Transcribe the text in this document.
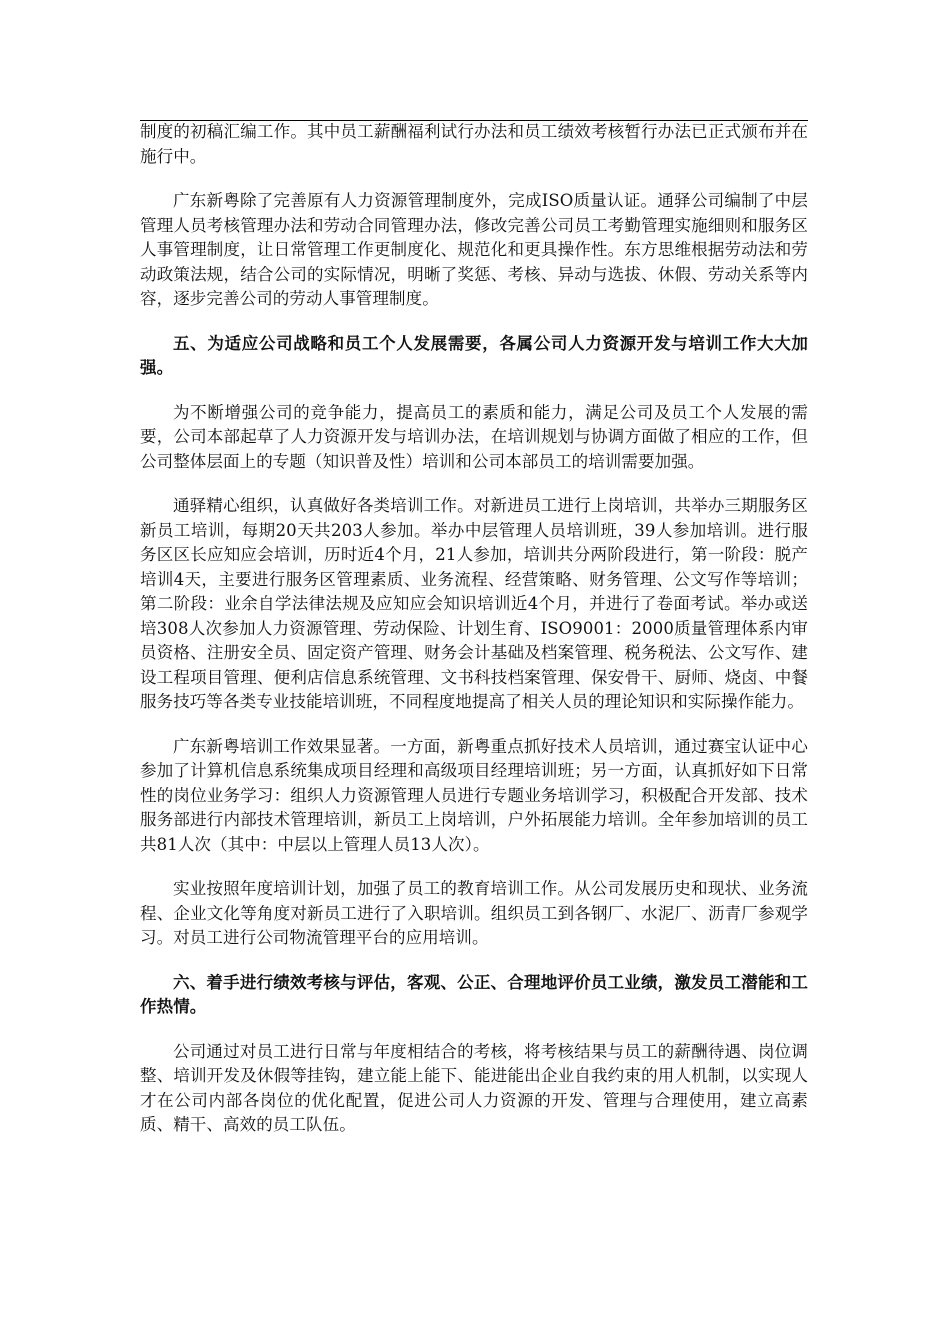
制度的初稿汇编工作。其中员工薪酬福利试行办法和员工绩效考核暂行办法已正式颁布并在施行中。

广东新粤除了完善原有人力资源管理制度外，完成ISO质量认证。通驿公司编制了中层管理人员考核管理办法和劳动合同管理办法，修改完善公司员工考勤管理实施细则和服务区人事管理制度，让日常管理工作更制度化、规范化和更具操作性。东方思维根据劳动法和劳动政策法规，结合公司的实际情况，明晰了奖惩、考核、异动与选拔、休假、劳动关系等内容，逐步完善公司的劳动人事管理制度。

五、为适应公司战略和员工个人发展需要，各属公司人力资源开发与培训工作大大加强。

为不断增强公司的竞争能力，提高员工的素质和能力，满足公司及员工个人发展的需要，公司本部起草了人力资源开发与培训办法，在培训规划与协调方面做了相应的工作，但公司整体层面上的专题（知识普及性）培训和公司本部员工的培训需要加强。

通驿精心组织，认真做好各类培训工作。对新进员工进行上岗培训，共举办三期服务区新员工培训，每期20天共203人参加。举办中层管理人员培训班，39人参加培训。进行服务区区长应知应会培训，历时近4个月，21人参加，培训共分两阶段进行，第一阶段：脱产培训4天，主要进行服务区管理素质、业务流程、经营策略、财务管理、公文写作等培训；第二阶段：业余自学法律法规及应知应会知识培训近4个月，并进行了卷面考试。举办或送培308人次参加人力资源管理、劳动保险、计划生育、ISO9001：2000质量管理体系内审员资格、注册安全员、固定资产管理、财务会计基础及档案管理、税务税法、公文写作、建设工程项目管理、便利店信息系统管理、文书科技档案管理、保安骨干、厨师、烧卤、中餐服务技巧等各类专业技能培训班，不同程度地提高了相关人员的理论知识和实际操作能力。

广东新粤培训工作效果显著。一方面，新粤重点抓好技术人员培训，通过赛宝认证中心参加了计算机信息系统集成项目经理和高级项目经理培训班；另一方面，认真抓好如下日常性的岗位业务学习：组织人力资源管理人员进行专题业务培训学习，积极配合开发部、技术服务部进行内部技术管理培训，新员工上岗培训，户外拓展能力培训。全年参加培训的员工共81人次（其中：中层以上管理人员13人次）。

实业按照年度培训计划，加强了员工的教育培训工作。从公司发展历史和现状、业务流程、企业文化等角度对新员工进行了入职培训。组织员工到各钢厂、水泥厂、沥青厂参观学习。对员工进行公司物流管理平台的应用培训。

六、着手进行绩效考核与评估，客观、公正、合理地评价员工业绩，激发员工潜能和工作热情。

公司通过对员工进行日常与年度相结合的考核，将考核结果与员工的薪酬待遇、岗位调整、培训开发及休假等挂钩，建立能上能下、能进能出企业自我约束的用人机制，以实现人才在公司内部各岗位的优化配置，促进公司人力资源的开发、管理与合理使用，建立高素质、精干、高效的员工队伍。
